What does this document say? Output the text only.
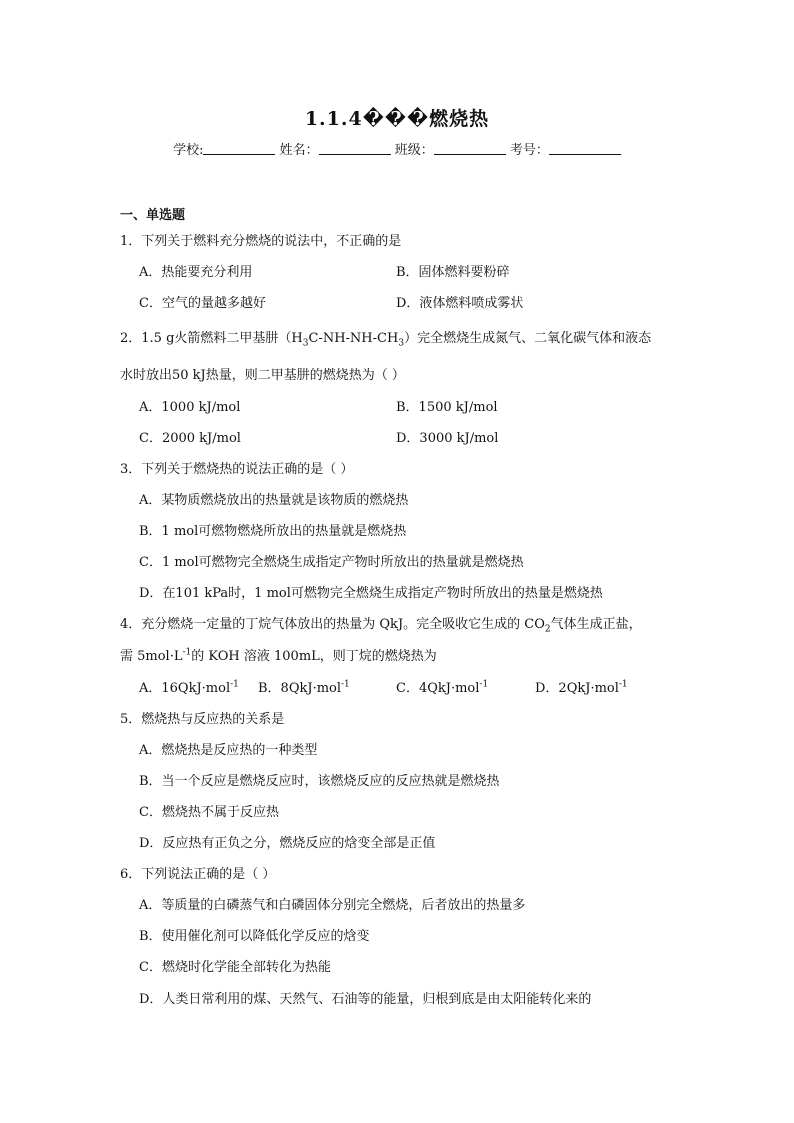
1.1.4���燃烧热
学校:	姓名：	班级：	考号：
一、单选题
1．下列关于燃料充分燃烧的说法中，不正确的是
A．热能要充分利用	B．固体燃料要粉碎
C．空气的量越多越好	D．液体燃料喷成雾状
2．1.5 g火箭燃料二甲基肼$(H_3C-NH-NH-CH_3)$完全燃烧生成氮气、二氧化碳气体和液态
水时放出50 kJ热量，则二甲基肼的燃烧热为（ ）
A．1000 kJ/mol	B．1500 kJ/mol
C．2000 kJ/mol	D．3000 kJ/mol
3．下列关于燃烧热的说法正确的是（ ）
A．某物质燃烧放出的热量就是该物质的燃烧热
B．1 mol可燃物燃烧所放出的热量就是燃烧热
C．1 mol可燃物完全燃烧生成指定产物时所放出的热量就是燃烧热
D．在101 kPa时，1 mol可燃物完全燃烧生成指定产物时所放出的热量是燃烧热
4．充分燃烧一定量的丁烷气体放出的热量为 QkJ。完全吸收它生成的 $CO_2$气体生成正盐，
需 $5mol\cdot L^{-1}$的 KOH 溶液 100mL，则丁烷的燃烧热为
A．16QkJ·mol$^{-1}$ B．8QkJ·mol$^{-1}$	C．4QkJ·mol$^{-1}$	D．2QkJ·mol$^{-1}$
5．燃烧热与反应热的关系是
A．燃烧热是反应热的一种类型
B．当一个反应是燃烧反应时，该燃烧反应的反应热就是燃烧热
C．燃烧热不属于反应热
D．反应热有正负之分，燃烧反应的焓变全部是正值
6．下列说法正确的是（ ）
A．等质量的白磷蒸气和白磷固体分别完全燃烧，后者放出的热量多
B．使用催化剂可以降低化学反应的焓变
C．燃烧时化学能全部转化为热能
D．人类日常利用的煤、天然气、石油等的能量，归根到底是由太阳能转化来的
